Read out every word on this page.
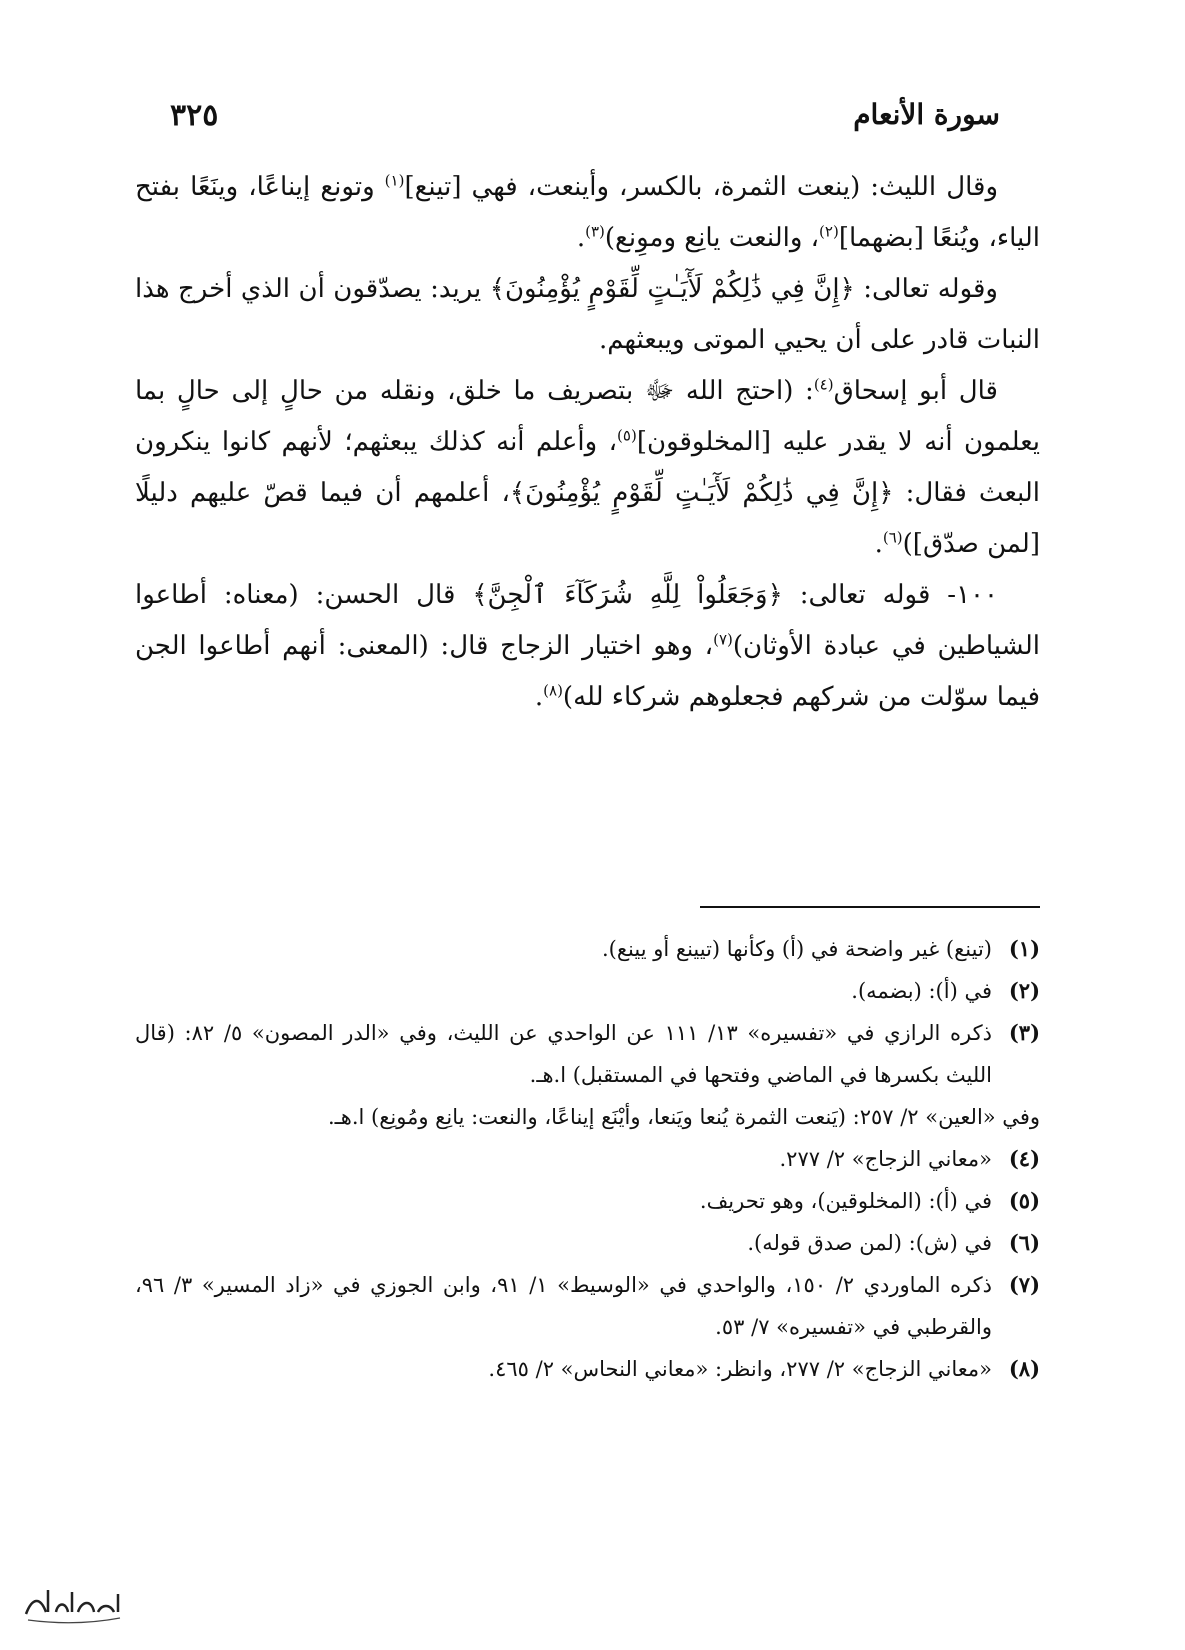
سورة الأنعام
٣٢٥

وقال الليث: (ينعت الثمرة، بالكسر، وأينعت، فهي [تينع]$^{(١)}$ وتونع إيناعًا، وينَعًا بفتح الياء، ويُنعًا [بضهما]$^{(٢)}$، والنعت يانِع وموِنع)$^{(٣)}$.

وقوله تعالى: ﴿إِنَّ فِي ذَٰلِكُمْ لَأٓيَـٰتٍ لِّقَوْمٍ يُؤْمِنُونَ﴾ يريد: يصدّقون أن الذي أخرج هذا النبات قادر على أن يحيي الموتى ويبعثهم.

قال أبو إسحاق$^{(٤)}$: (احتج الله ﷻ بتصريف ما خلق، ونقله من حالٍ إلى حالٍ بما يعلمون أنه لا يقدر عليه [المخلوقون]$^{(٥)}$، وأعلم أنه كذلك يبعثهم؛ لأنهم كانوا ينكرون البعث فقال: ﴿إِنَّ فِي ذَٰلِكُمْ لَأٓيَـٰتٍ لِّقَوْمٍ يُؤْمِنُونَ﴾، أعلمهم أن فيما قصّ عليهم دليلًا [لمن صدّق])$^{(٦)}$.

١٠٠- قوله تعالى: ﴿وَجَعَلُواْ لِلَّهِ شُرَكَآءَ ٱلْجِنَّ﴾ قال الحسن: (معناه: أطاعوا الشياطين في عبادة الأوثان)$^{(٧)}$، وهو اختيار الزجاج قال: (المعنى: أنهم أطاعوا الجن فيما سوّلت من شركهم فجعلوهم شركاء لله)$^{(٨)}$.

(١)
(تينع) غير واضحة في (أ) وكأنها (تيينع أو يينع).
(٢)
في (أ): (بضمه).
(٣)
ذكره الرازي في «تفسيره» ١٣/ ١١١ عن الواحدي عن الليث، وفي «الدر المصون» ٥/ ٨٢: (قال الليث بكسرها في الماضي وفتحها في المستقبل) ا.هـ.
وفي «العين» ٢/ ٢٥٧: (يَنعت الثمرة يُنعا ويَنعا، وأيْنَع إيناعًا، والنعت: يانِع ومُونِع) ا.هـ.
(٤)
«معاني الزجاج» ٢/ ٢٧٧.
(٥)
في (أ): (المخلوقين)، وهو تحريف.
(٦)
في (ش): (لمن صدق قوله).
(٧)
ذكره الماوردي ٢/ ١٥٠، والواحدي في «الوسيط» ١/ ٩١، وابن الجوزي في «زاد المسير» ٣/ ٩٦، والقرطبي في «تفسيره» ٧/ ٥٣.
(٨)
«معاني الزجاج» ٢/ ٢٧٧، وانظر: «معاني النحاس» ٢/ ٤٦٥.
